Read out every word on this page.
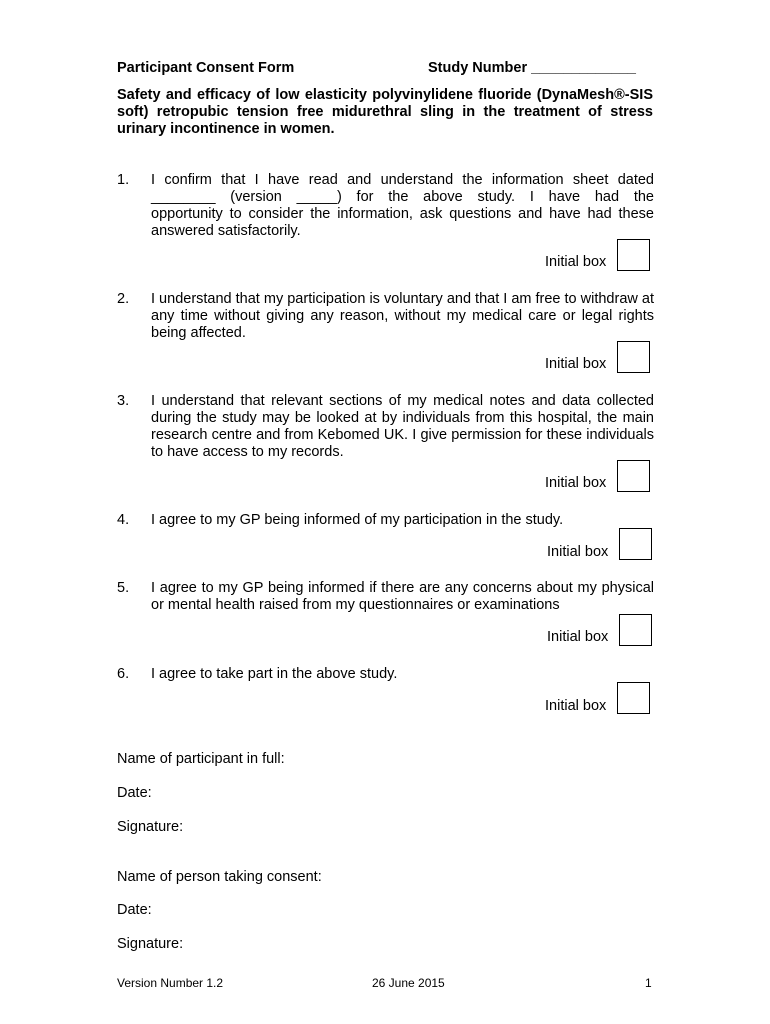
Participant Consent Form	Study Number _____________
Safety and efficacy of low elasticity polyvinylidene fluoride (DynaMesh®-SIS soft) retropubic tension free midurethral sling in the treatment of stress urinary incontinence in women.
1. I confirm that I have read and understand the information sheet dated ________ (version _____) for the above study. I have had the
opportunity to consider the information, ask questions and have had these answered satisfactorily.
Initial box
2. I understand that my participation is voluntary and that I am free to withdraw at any time without giving any reason, without my medical care or legal rights being affected.
Initial box
3. I understand that relevant sections of my medical notes and data collected during the study may be looked at by individuals from this hospital, the main research centre and from Kebomed UK. I give permission for these individuals to have access to my records.
Initial box
4. I agree to my GP being informed of my participation in the study.
Initial box
5. I agree to my GP being informed if there are any concerns about my physical or mental health raised from my questionnaires or examinations
Initial box
6. I agree to take part in the above study.
Initial box
Name of participant in full:
Date:
Signature:
Name of person taking consent:
Date:
Signature:
Version Number 1.2	26 June 2015	1
